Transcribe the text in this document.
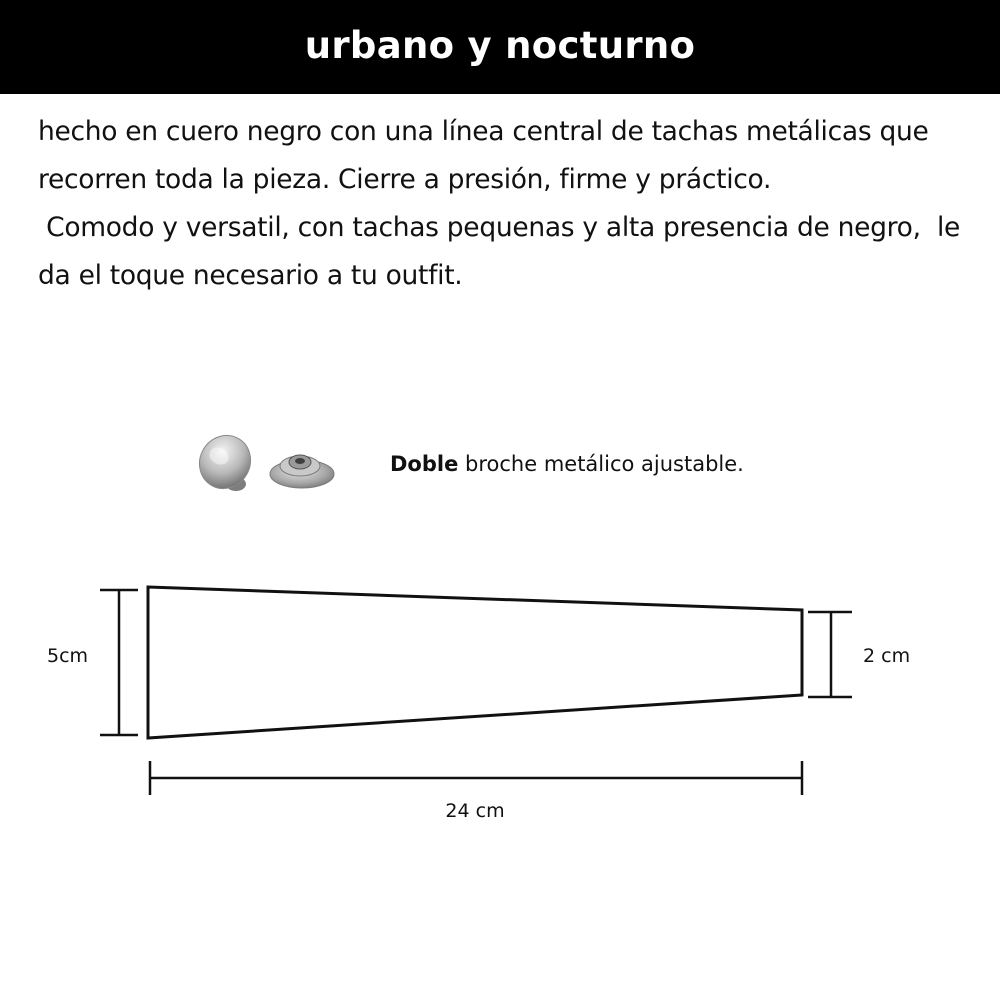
urbano y nocturno

hecho en cuero negro con una línea central de tachas metálicas que recorren toda la pieza. Cierre a presión, firme y práctico.

Comodo y versatil, con tachas pequenas y alta presencia de negro,  le da el toque necesario a tu outfit.

Doble broche metálico ajustable.
5cm	2 cm
24 cm
